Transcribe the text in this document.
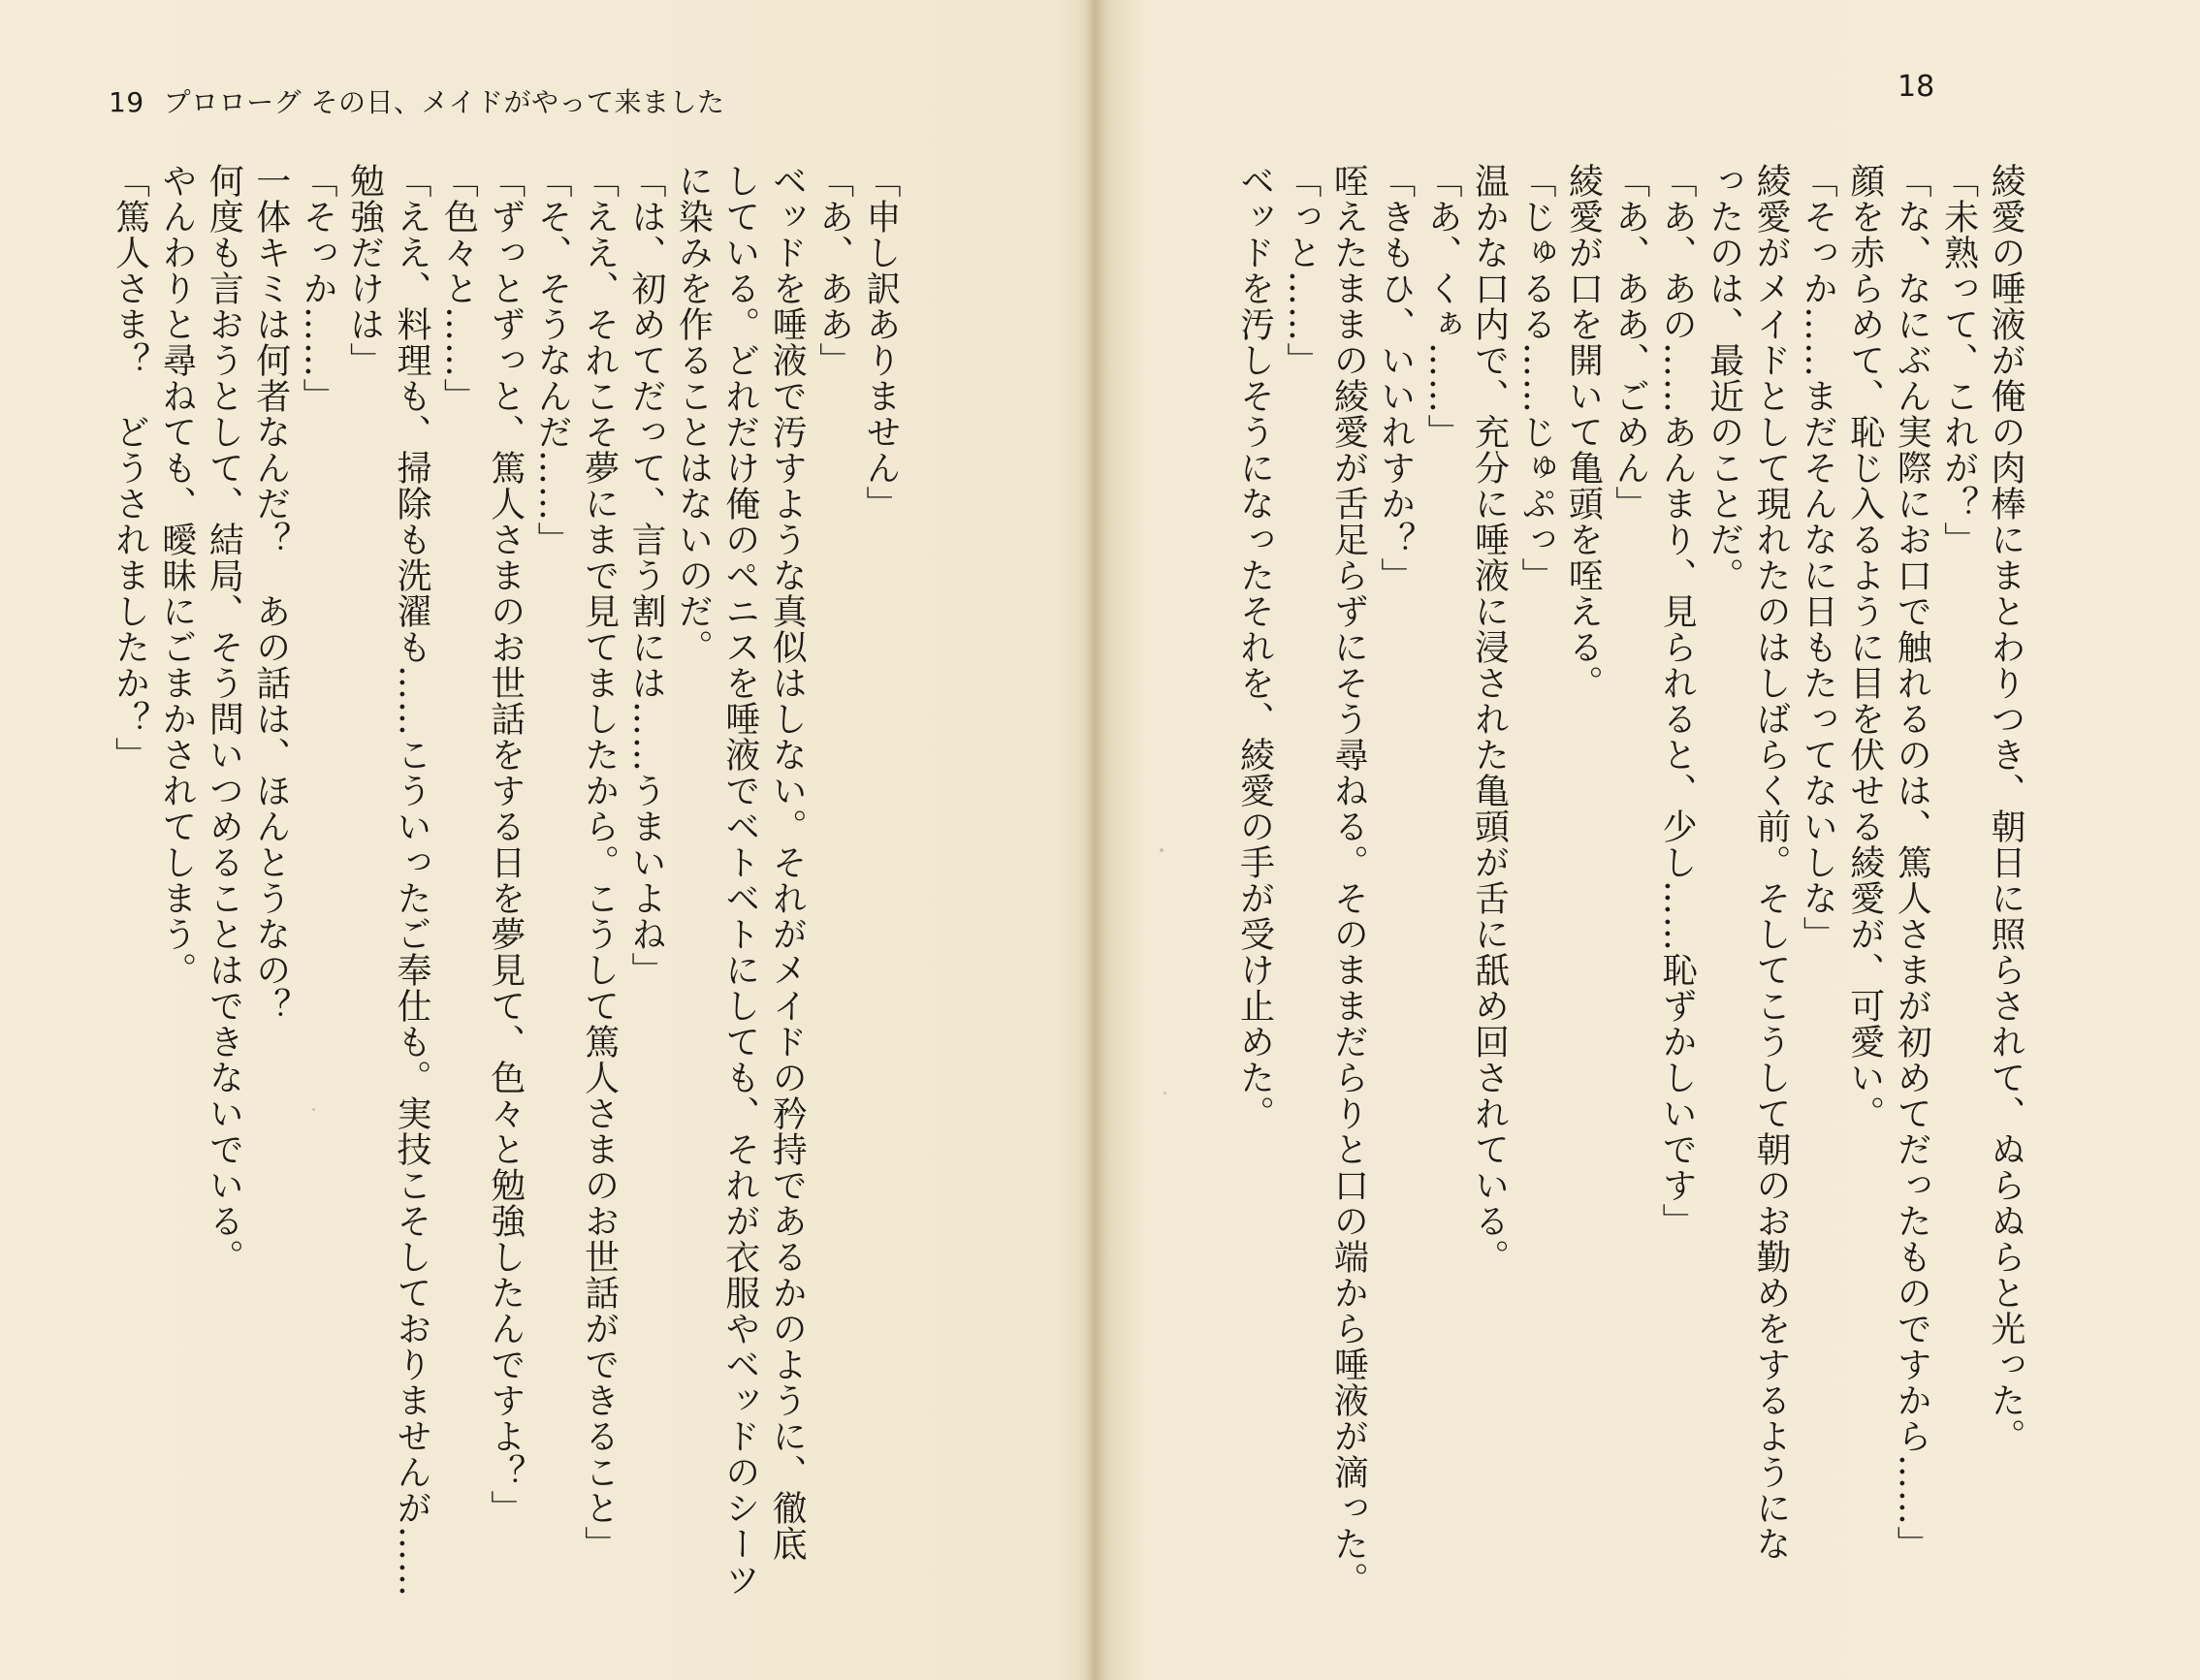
19 プロローグ その日、メイドがやって来ました	18
綾愛の唾液が俺の肉棒にまとわりつき、朝日に照らされて、ぬらぬらと光った。
「未熟って、これが？」
「な、なにぶん実際にお口で触れるのは、篤人さまが初めてだったものですから……」
顔を赤らめて、恥じ入るように目を伏せる綾愛が、可愛い。
「そっか……まだそんなに日もたってないしな」
綾愛がメイドとして現れたのはしばらく前。そしてこうして朝のお勤めをするようにな
ったのは、最近のことだ。
「あ、あの……あんまり、見られると、少し……恥ずかしいです」
「あ、ああ、ごめん」
綾愛が口を開いて亀頭を咥える。
「じゅるる……じゅぷっ」
温かな口内で、充分に唾液に浸された亀頭が舌に舐め回されている。
「あ、くぁ……」
「きもひ、いいれすか？」
咥えたままの綾愛が舌足らずにそう尋ねる。そのままだらりと口の端から唾液が滴った。
「っと……」
ベッドを汚しそうになったそれを、綾愛の手が受け止めた。
「申し訳ありません」
「あ、ああ」
ベッドを唾液で汚すような真似はしない。それがメイドの矜持であるかのように、徹底
している。どれだけ俺のペニスを唾液でベトベトにしても、それが衣服やベッドのシーツ
に染みを作ることはないのだ。
「は、初めてだって、言う割には……うまいよね」
「ええ、それこそ夢にまで見てましたから。こうして篤人さまのお世話ができること」
「そ、そうなんだ……」
「ずっとずっと、篤人さまのお世話をする日を夢見て、色々と勉強したんですよ？」
「色々と……」
「ええ、料理も、掃除も洗濯も……こういったご奉仕も。実技こそしておりませんが……
勉強だけは」
「そっか……」
一体キミは何者なんだ？　あの話は、ほんとうなの？
何度も言おうとして、結局、そう問いつめることはできないでいる。
やんわりと尋ねても、曖昧にごまかされてしまう。
「篤人さま？　どうされましたか？」
